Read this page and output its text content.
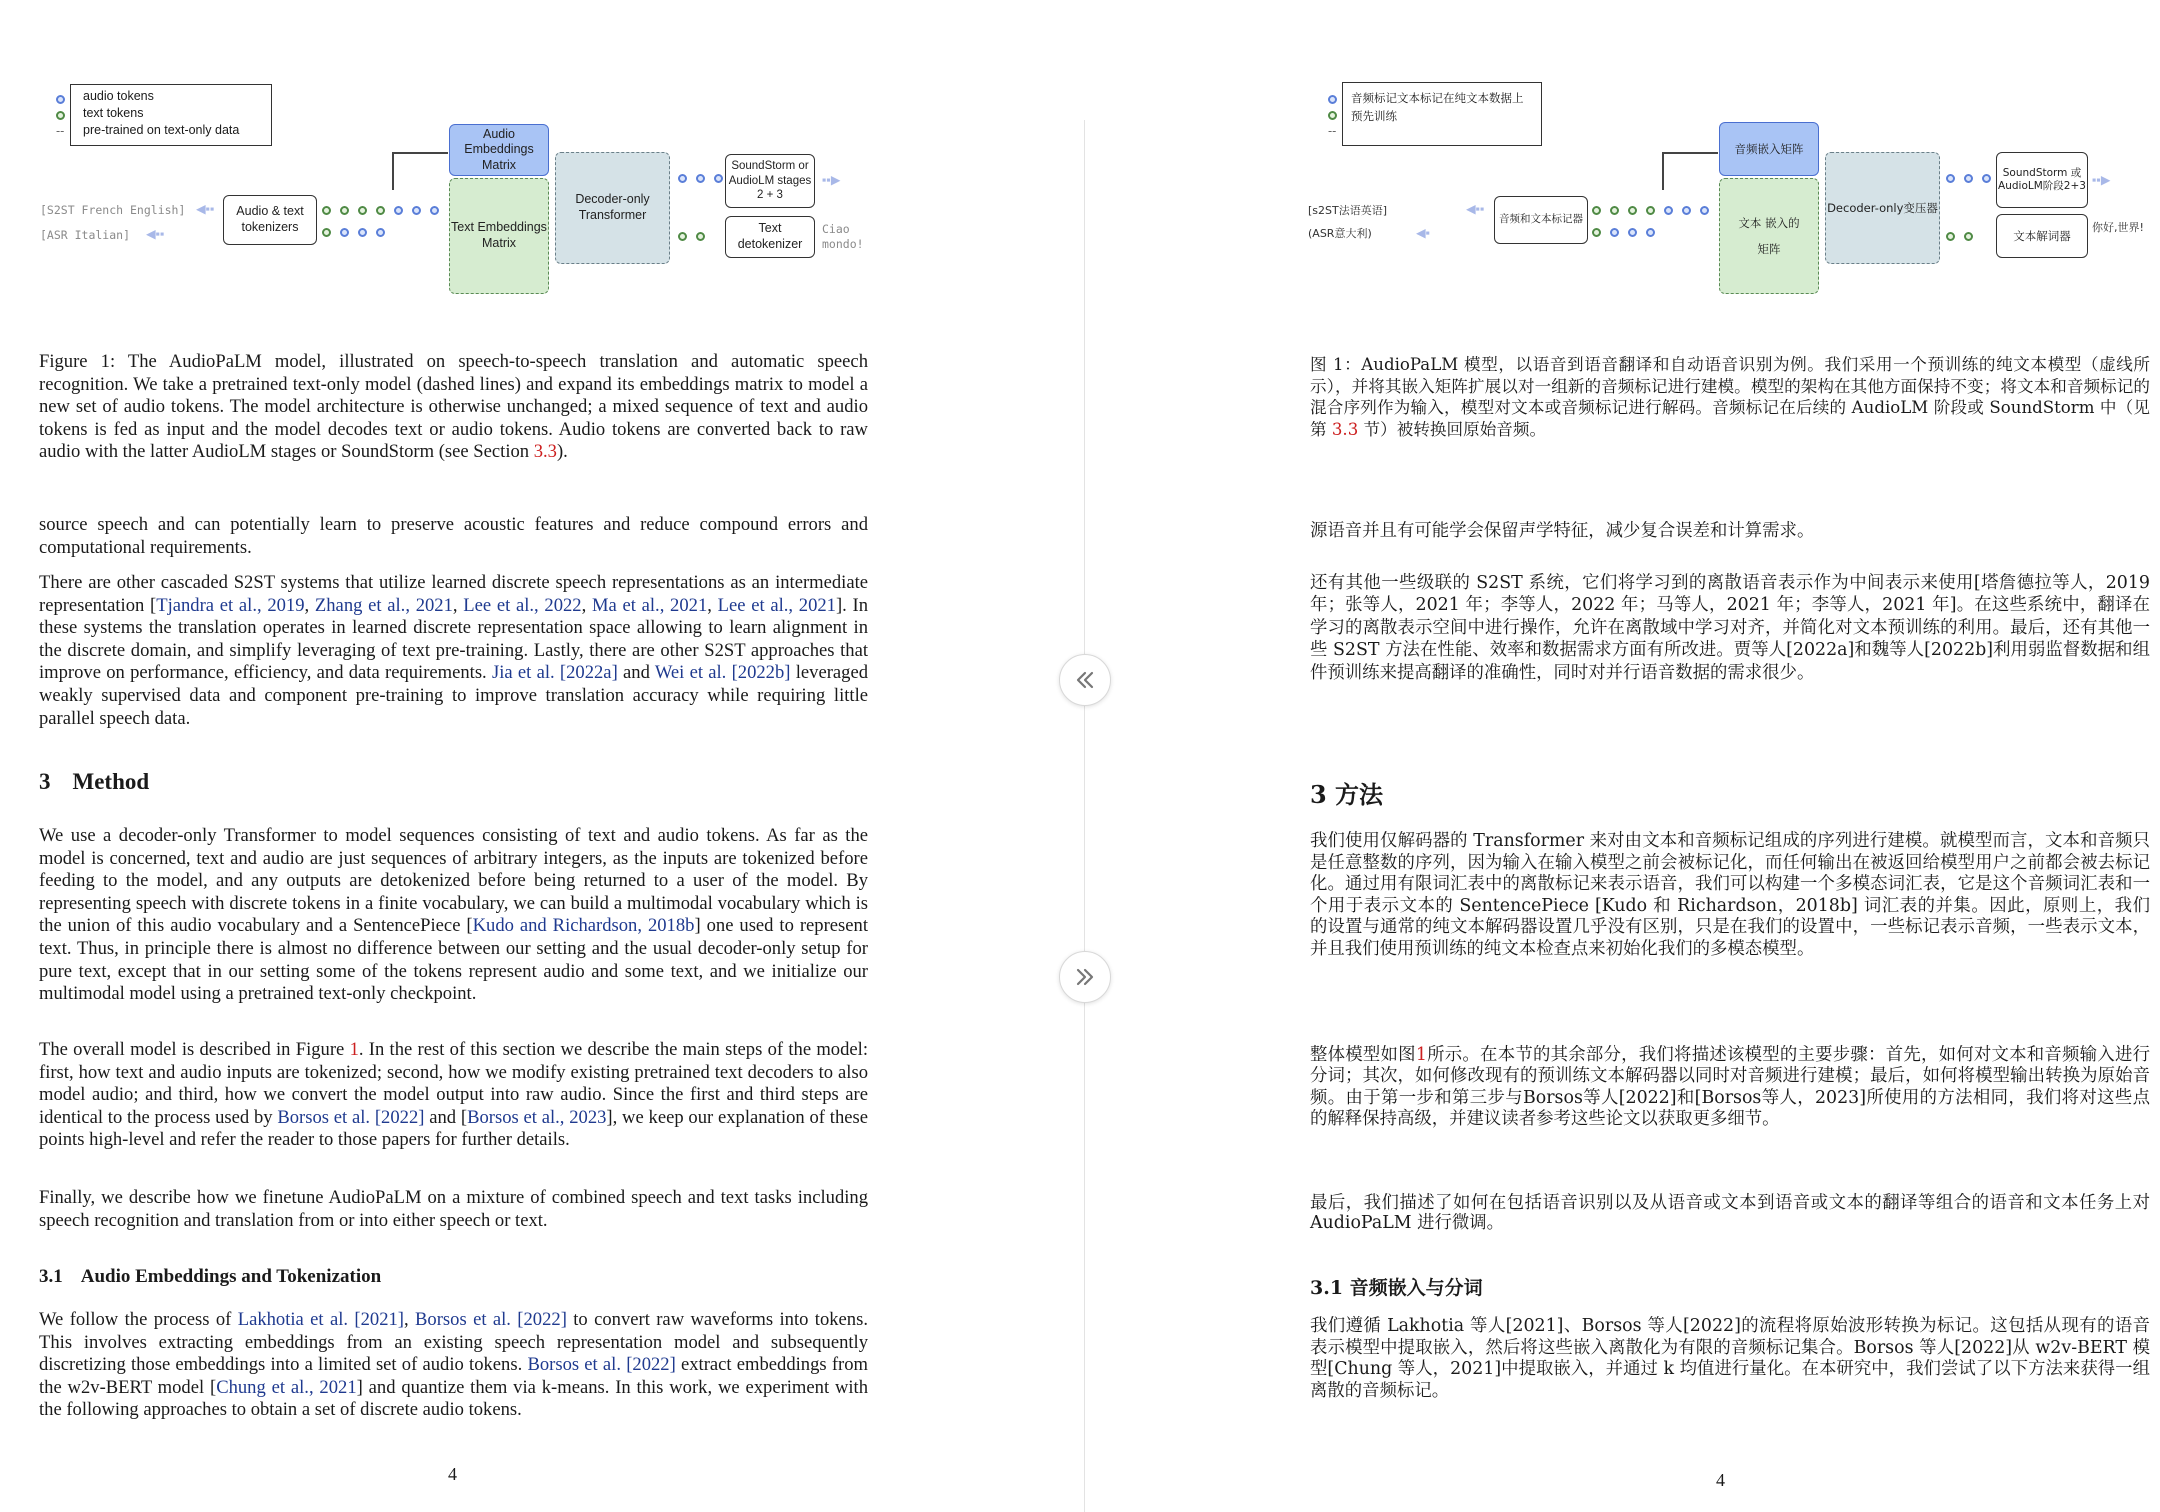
--
audio tokens
text tokens
pre-trained on text-only data
[S2ST French English]
[ASR Italian]
◀▪▪
◀▪▪
Audio & text tokenizers
Audio Embeddings Matrix
Text Embeddings Matrix
Decoder-only Transformer
SoundStorm or AudioLM stages 2 + 3
Text detokenizer
▪▪▶
Ciao mondo!
Figure 1: The AudioPaLM model, illustrated on speech-to-speech translation and automatic speech recognition. We take a pretrained text-only model (dashed lines) and expand its embeddings matrix to model a new set of audio tokens. The model architecture is otherwise unchanged; a mixed sequence of text and audio tokens is fed as input and the model decodes text or audio tokens. Audio tokens are converted back to raw audio with the latter AudioLM stages or SoundStorm (see Section 3.3).
source speech and can potentially learn to preserve acoustic features and reduce compound errors and computational requirements.
There are other cascaded S2ST systems that utilize learned discrete speech representations as an intermediate representation [Tjandra et al., 2019, Zhang et al., 2021, Lee et al., 2022, Ma et al., 2021, Lee et al., 2021]. In these systems the translation operates in learned discrete representation space allowing to learn alignment in the discrete domain, and simplify leveraging of text pre-training. Lastly, there are other S2ST approaches that improve on performance, efficiency, and data requirements. Jia et al. [2022a] and Wei et al. [2022b] leveraged weakly supervised data and component pre-training to improve translation accuracy while requiring little parallel speech data.
3 Method
We use a decoder-only Transformer to model sequences consisting of text and audio tokens. As far as the model is concerned, text and audio are just sequences of arbitrary integers, as the inputs are tokenized before feeding to the model, and any outputs are detokenized before being returned to a user of the model. By representing speech with discrete tokens in a finite vocabulary, we can build a multimodal vocabulary which is the union of this audio vocabulary and a SentencePiece [Kudo and Richardson, 2018b] one used to represent text. Thus, in principle there is almost no difference between our setting and the usual decoder-only setup for pure text, except that in our setting some of the tokens represent audio and some text, and we initialize our multimodal model using a pretrained text-only checkpoint.
The overall model is described in Figure 1. In the rest of this section we describe the main steps of the model: first, how text and audio inputs are tokenized; second, how we modify existing pretrained text decoders to also model audio; and third, how we convert the model output into raw audio. Since the first and third steps are identical to the process used by Borsos et al. [2022] and [Borsos et al., 2023], we keep our explanation of these points high-level and refer the reader to those papers for further details.
Finally, we describe how we finetune AudioPaLM on a mixture of combined speech and text tasks including speech recognition and translation from or into either speech or text.
3.1 Audio Embeddings and Tokenization
We follow the process of Lakhotia et al. [2021], Borsos et al. [2022] to convert raw waveforms into tokens. This involves extracting embeddings from an existing speech representation model and subsequently discretizing those embeddings into a limited set of audio tokens. Borsos et al. [2022] extract embeddings from the w2v-BERT model [Chung et al., 2021] and quantize them via k-means. In this work, we experiment with the following approaches to obtain a set of discrete audio tokens.
4
--
音频标记文本标记在纯文本数据上预先训练
[s2ST法语英语]
(ASR意大利)
◀▪▪
◀▪
音频和文本标记器
音频嵌入矩阵
文本 嵌入的矩阵
Decoder-only变压器
SoundStorm 或AudioLM阶段2+3
文本解词器
▪▪▶
你好,世界!
图 1：AudioPaLM 模型，以语音到语音翻译和自动语音识别为例。我们采用一个预训练的纯文本模型（虚线所示），并将其嵌入矩阵扩展以对一组新的音频标记进行建模。模型的架构在其他方面保持不变；将文本和音频标记的混合序列作为输入，模型对文本或音频标记进行解码。音频标记在后续的 AudioLM 阶段或 SoundStorm 中（见第 3.3 节）被转换回原始音频。
源语音并且有可能学会保留声学特征，减少复合误差和计算需求。
还有其他一些级联的 S2ST 系统，它们将学习到的离散语音表示作为中间表示来使用[塔詹德拉等人，2019 年；张等人，2021 年；李等人，2022 年；马等人，2021 年；李等人，2021 年]。在这些系统中，翻译在学习的离散表示空间中进行操作，允许在离散域中学习对齐，并简化对文本预训练的利用。最后，还有其他一些 S2ST 方法在性能、效率和数据需求方面有所改进。贾等人[2022a]和魏等人[2022b]利用弱监督数据和组件预训练来提高翻译的准确性，同时对并行语音数据的需求很少。
3 方法
我们使用仅解码器的 Transformer 来对由文本和音频标记组成的序列进行建模。就模型而言，文本和音频只是任意整数的序列，因为输入在输入模型之前会被标记化，而任何输出在被返回给模型用户之前都会被去标记化。通过用有限词汇表中的离散标记来表示语音，我们可以构建一个多模态词汇表，它是这个音频词汇表和一个用于表示文本的 SentencePiece [Kudo 和 Richardson，2018b] 词汇表的并集。因此，原则上，我们的设置与通常的纯文本解码器设置几乎没有区别，只是在我们的设置中，一些标记表示音频，一些表示文本，并且我们使用预训练的纯文本检查点来初始化我们的多模态模型。
整体模型如图1所示。在本节的其余部分，我们将描述该模型的主要步骤：首先，如何对文本和音频输入进行分词；其次，如何修改现有的预训练文本解码器以同时对音频进行建模；最后，如何将模型输出转换为原始音频。由于第一步和第三步与Borsos等人[2022]和[Borsos等人，2023]所使用的方法相同，我们将对这些点的解释保持高级，并建议读者参考这些论文以获取更多细节。
最后，我们描述了如何在包括语音识别以及从语音或文本到语音或文本的翻译等组合的语音和文本任务上对 AudioPaLM 进行微调。
3.1 音频嵌入与分词
我们遵循 Lakhotia 等人[2021]、Borsos 等人[2022]的流程将原始波形转换为标记。这包括从现有的语音表示模型中提取嵌入，然后将这些嵌入离散化为有限的音频标记集合。Borsos 等人[2022]从 w2v-BERT 模型[Chung 等人，2021]中提取嵌入，并通过 k 均值进行量化。在本研究中，我们尝试了以下方法来获得一组离散的音频标记。
4
